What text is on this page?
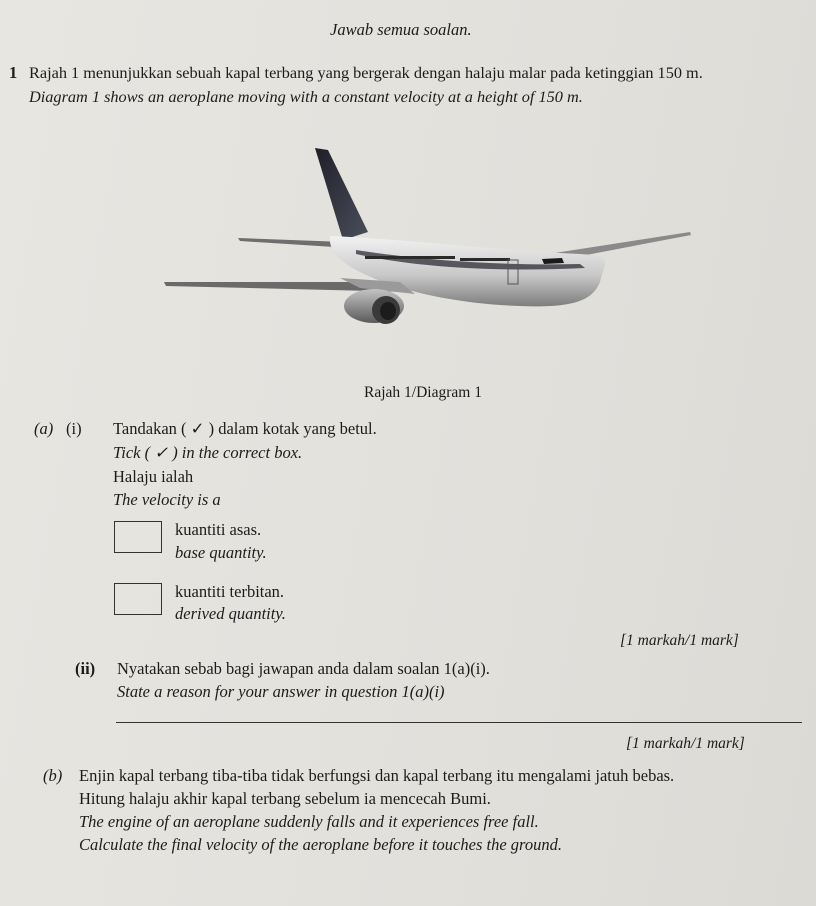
Jawab semua soalan.
1 Rajah 1 menunjukkan sebuah kapal terbang yang bergerak dengan halaju malar pada ketinggian 150 m.
Diagram 1 shows an aeroplane moving with a constant velocity at a height of 150 m.
Rajah 1/Diagram 1
(a) (i) Tandakan ( ✓ ) dalam kotak yang betul.
Tick ( ✓ ) in the correct box.
Halaju ialah
The velocity is a
kuantiti asas.
base quantity.
kuantiti terbitan.
derived quantity.
[1 markah/1 mark]
(ii) Nyatakan sebab bagi jawapan anda dalam soalan 1(a)(i).
State a reason for your answer in question 1(a)(i)
[1 markah/1 mark]
(b) Enjin kapal terbang tiba-tiba tidak berfungsi dan kapal terbang itu mengalami jatuh bebas.
Hitung halaju akhir kapal terbang sebelum ia mencecah Bumi.
The engine of an aeroplane suddenly falls and it experiences free fall.
Calculate the final velocity of the aeroplane before it touches the ground.
